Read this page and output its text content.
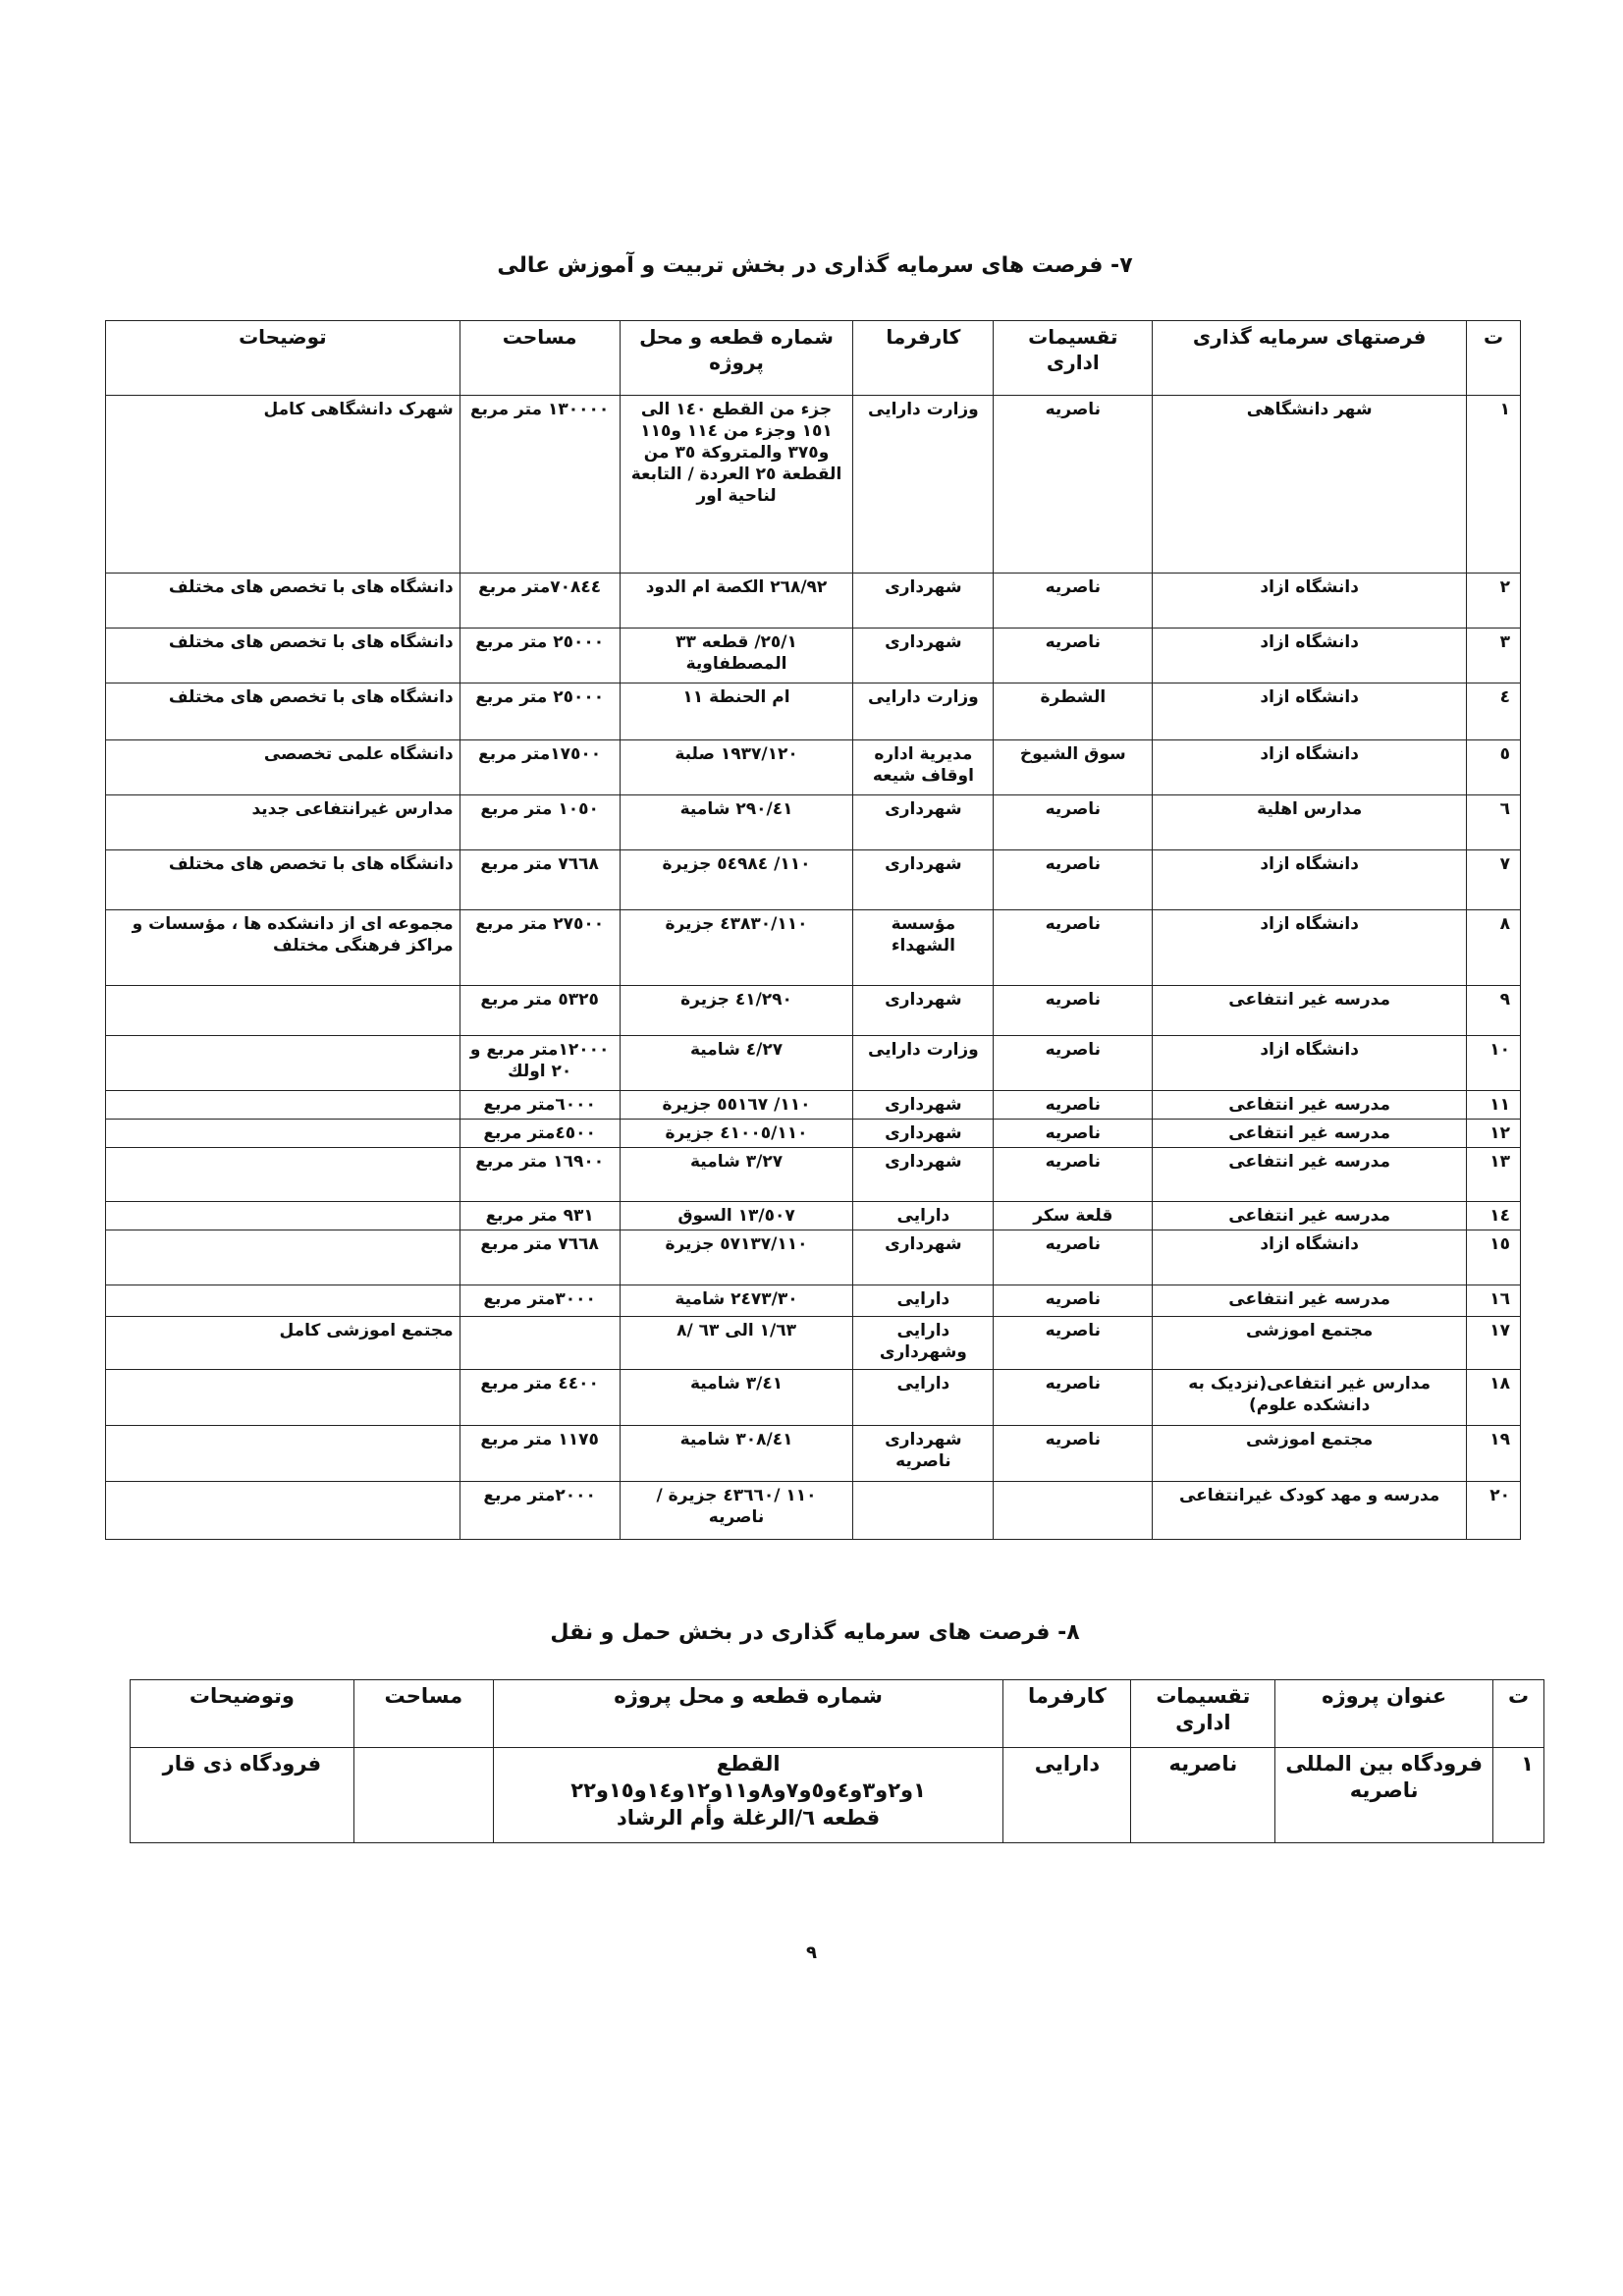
٧- فرصت های سرمایه گذاری در بخش تربیت و آموزش عالی
ت	فرصتهای سرمایه گذاری	تقسیمات اداری	کارفرما	شماره قطعه و محل پروژه	مساحت	توضیحات
١	شهر دانشگاهی	ناصریه	وزارت دارایی	جزء من القطع ١٤٠ الی ١٥١ وجزء من ١١٤ و١١٥ و٣٧٥ والمتروكة ٣٥ من القطعة ٢٥ العردة / التابعة لناحية اور	١٣٠٠٠٠ متر مربع	شهرک دانشگاهی کامل
٢	دانشگاه ازاد	ناصریه	شهرداری	٢٦٨/٩٢ الكصة ام الدود	٧٠٨٤٤متر مربع	دانشگاه های با تخصص های مختلف
٣	دانشگاه ازاد	ناصریه	شهرداری	٢٥/١/ قطعه ٣٣ المصطفاوية	٢٥٠٠٠ متر مربع	دانشگاه های با تخصص های مختلف
٤	دانشگاه ازاد	الشطرة	وزارت دارایی	ام الحنطة ١١	٢٥٠٠٠ متر مربع	دانشگاه های با تخصص های مختلف
٥	دانشگاه ازاد	سوق الشیوخ	مديرية اداره اوقاف شیعه	١٩٣٧/١٢٠ صلبة	١٧٥٠٠متر مربع	دانشگاه علمی تخصصی
٦	مدارس اهلية	ناصریه	شهرداری	٢٩٠/٤١ شامية	١٠٥٠ متر مربع	مدارس غیرانتفاعی جدید
٧	دانشگاه ازاد	ناصریه	شهرداری	١١٠/ ٥٤٩٨٤ جزيرة	٧٦٦٨ متر مربع	دانشگاه های با تخصص های مختلف
٨	دانشگاه ازاد	ناصریه	مؤسسة الشهداء	٤٣٨٣٠/١١٠ جزيرة	٢٧٥٠٠ متر مربع	مجموعه ای از دانشکده ها ، مؤسسات و مراکز فرهنگی مختلف
٩	مدرسه غیر انتفاعی	ناصریه	شهرداری	٤١/٢٩٠ جزيرة	٥٣٢٥ متر مربع	
١٠	دانشگاه ازاد	ناصریه	وزارت دارایی	٤/٢٧ شامية	١٢٠٠٠متر مربع و ٢٠ اولك	
١١	مدرسه غیر انتفاعی	ناصریه	شهرداری	١١٠/ ٥٥١٦٧ جزيرة	٦٠٠٠متر مربع	
١٢	مدرسه غیر انتفاعی	ناصریه	شهرداری	٤١٠٠٥/١١٠ جزيرة	٤٥٠٠متر مربع	
١٣	مدرسه غیر انتفاعی	ناصریه	شهرداری	٣/٢٧ شامية	١٦٩٠٠ متر مربع	
١٤	مدرسه غیر انتفاعی	قلعة سكر	دارایی	١٣/٥٠٧ السوق	٩٣١ متر مربع	
١٥	دانشگاه ازاد	ناصریه	شهرداری	٥٧١٣٧/١١٠ جزيرة	٧٦٦٨ متر مربع	
١٦	مدرسه غیر انتفاعی	ناصریه	دارایی	٢٤٧٣/٣٠ شامية	٣٠٠٠متر مربع	
١٧	مجتمع اموزشی	ناصریه	دارایی وشهرداری	١/٦٣ الی ٦٣ /٨		مجتمع اموزشی کامل
١٨	مدارس غير انتفاعی(نزدیک به دانشکده علوم)	ناصریه	دارایی	٣/٤١ شامية	٤٤٠٠ متر مربع	
١٩	مجتمع اموزشی	ناصریه	شهرداری ناصریه	٣٠٨/٤١ شامية	١١٧٥ متر مربع	
٢٠	مدرسه و مهد کودک غیرانتفاعی			١١٠ /٤٣٦٦٠ جزيرة / ناصريه	٢٠٠٠متر مربع	
٨- فرصت های سرمایه گذاری در بخش حمل و نقل
ت	عنوان پروژه	تقسیمات اداری	کارفرما	شماره قطعه و محل پروژه	مساحت	وتوضیحات
١	فرودگاه بین المللی ناصریه	ناصریه	دارایی	القطع
١و٢و٣و٤و٥و٧و٨و١١و١٢و١٤و١٥و٢٢
قطعه ٦/الرغلة وأم الرشاد		فرودگاه ذی قار
٩
